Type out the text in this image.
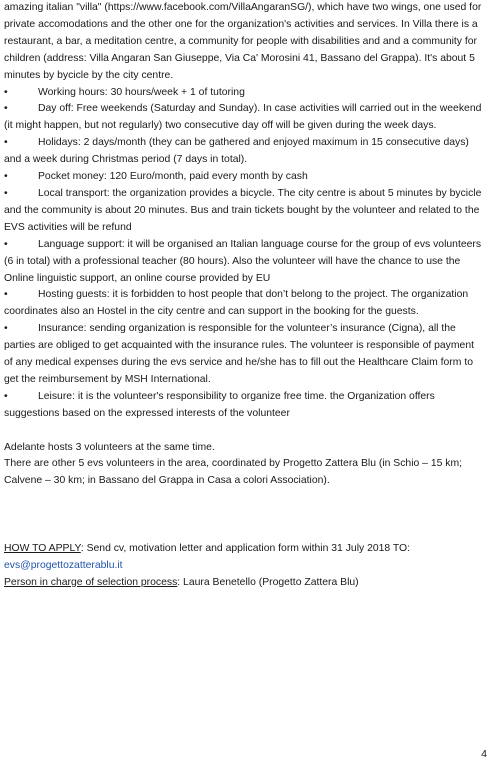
amazing italian "villa" (https://www.facebook.com/VillaAngaranSG/), which have two wings, one used for private accomodations and the other one for the organization's activities and services. In Villa there is a restaurant, a bar, a meditation centre, a community for people with disabilities and and a community for children (address: Villa Angaran San Giuseppe, Via Ca' Morosini 41, Bassano del Grappa). It's about 5 minutes by bycicle by the city centre.

•	Working hours: 30 hours/week + 1 of tutoring

•	Day off: Free weekends (Saturday and Sunday). In case activities will carried out in the weekend (it might happen, but not regularly) two consecutive day off will be given during the week days.

•	Holidays: 2 days/month (they can be gathered and enjoyed maximum in 15 consecutive days) and a week during Christmas period (7 days in total).

•	Pocket money: 120 Euro/month, paid every month by cash

•	Local transport: the organization provides a bicycle. The city centre is about 5 minutes by bycicle and the community is about 20 minutes. Bus and train tickets bought by the volunteer and related to the EVS activities will be refund

•	Language support: it will be organised an Italian language course for the group of evs volunteers (6 in total) with a professional teacher (80 hours). Also the volunteer will have the chance to use the Online linguistic support, an online course provided by EU

•	Hosting guests: it is forbidden to host people that don’t belong to the project. The organization coordinates also an Hostel in the city centre and can support in the booking for the guests.

•	Insurance: sending organization is responsible for the volunteer’s insurance (Cigna), all the parties are obliged to get acquainted with the insurance rules. The volunteer is responsible of payment of any medical expenses during the evs service and he/she has to fill out the Healthcare Claim form to get the reimbursement by MSH International.

•	Leisure: it is the volunteer's responsibility to organize free time. the Organization offers suggestions based on the expressed interests of the volunteer

Adelante hosts 3 volunteers at the same time.

There are other 5 evs volunteers in the area, coordinated by Progetto Zattera Blu (in Schio – 15 km; Calvene – 30 km; in Bassano del Grappa in Casa a colori Association).

HOW TO APPLY: Send cv, motivation letter and application form within 31 July 2018 TO:

evs@progettozatterablu.it

Person in charge of selection process: Laura Benetello (Progetto Zattera Blu)

4
